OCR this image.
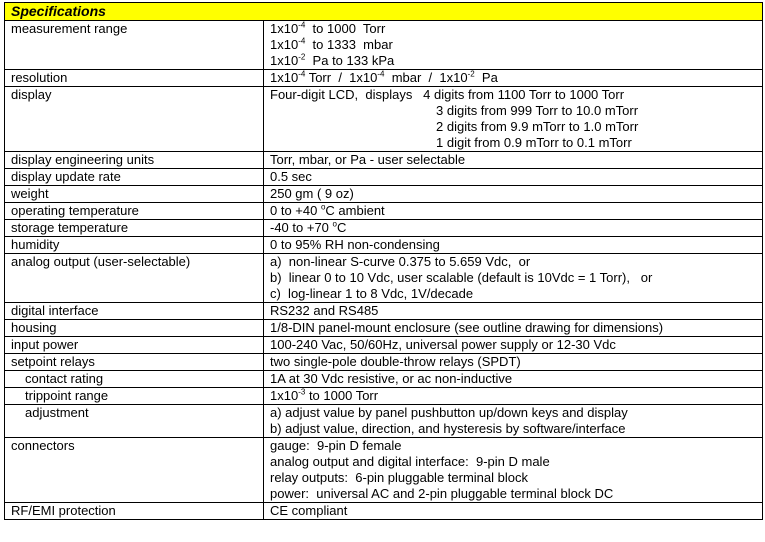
Specifications	
measurement range	$1x10^{-4}$  to 1000  Torr
$1x10^{-4}$  to 1333  mbar
$1x10^{-2}$  Pa to 133 kPa

resolution	$1x10^{-4}$ Torr  /  $1x10^{-4}$  mbar  /  $1x10^{-2}$  Pa

display	Four-digit LCD,  displays   4 digits from 1100 Torr to 1000 Torr
3 digits from 999 Torr to 10.0 mTorr
2 digits from 9.9 mTorr to 1.0 mTorr
1 digit from 0.9 mTorr to 0.1 mTorr

display engineering units	Torr, mbar, or Pa - user selectable
display update rate	0.5 sec
weight	250 gm ( 9 oz)
operating temperature	0 to +40 $^o$C ambient
storage temperature	-40 to +70 $^o$C
humidity	0 to 95% RH non-condensing
analog output (user-selectable)	a)  non-linear S-curve 0.375 to 5.659 Vdc,  or
b)  linear 0 to 10 Vdc, user scalable (default is 10Vdc = 1 Torr),   or
c)  log-linear 1 to 8 Vdc, 1V/decade

digital interface	RS232 and RS485
housing	1/8-DIN panel-mount enclosure (see outline drawing for dimensions)
input power	100-240 Vac, 50/60Hz, universal power supply or 12-30 Vdc
setpoint relays	two single-pole double-throw relays (SPDT)
contact rating	1A at 30 Vdc resistive, or ac non-inductive
trippoint range	$1x10^{-3}$ to 1000 Torr
adjustment	a) adjust value by panel pushbutton up/down keys and display
b) adjust value, direction, and hysteresis by software/interface

connectors	gauge:  9-pin D female
analog output and digital interface:  9-pin D male
relay outputs:  6-pin pluggable terminal block
power:  universal AC and 2-pin pluggable terminal block DC

RF/EMI protection	CE compliant
